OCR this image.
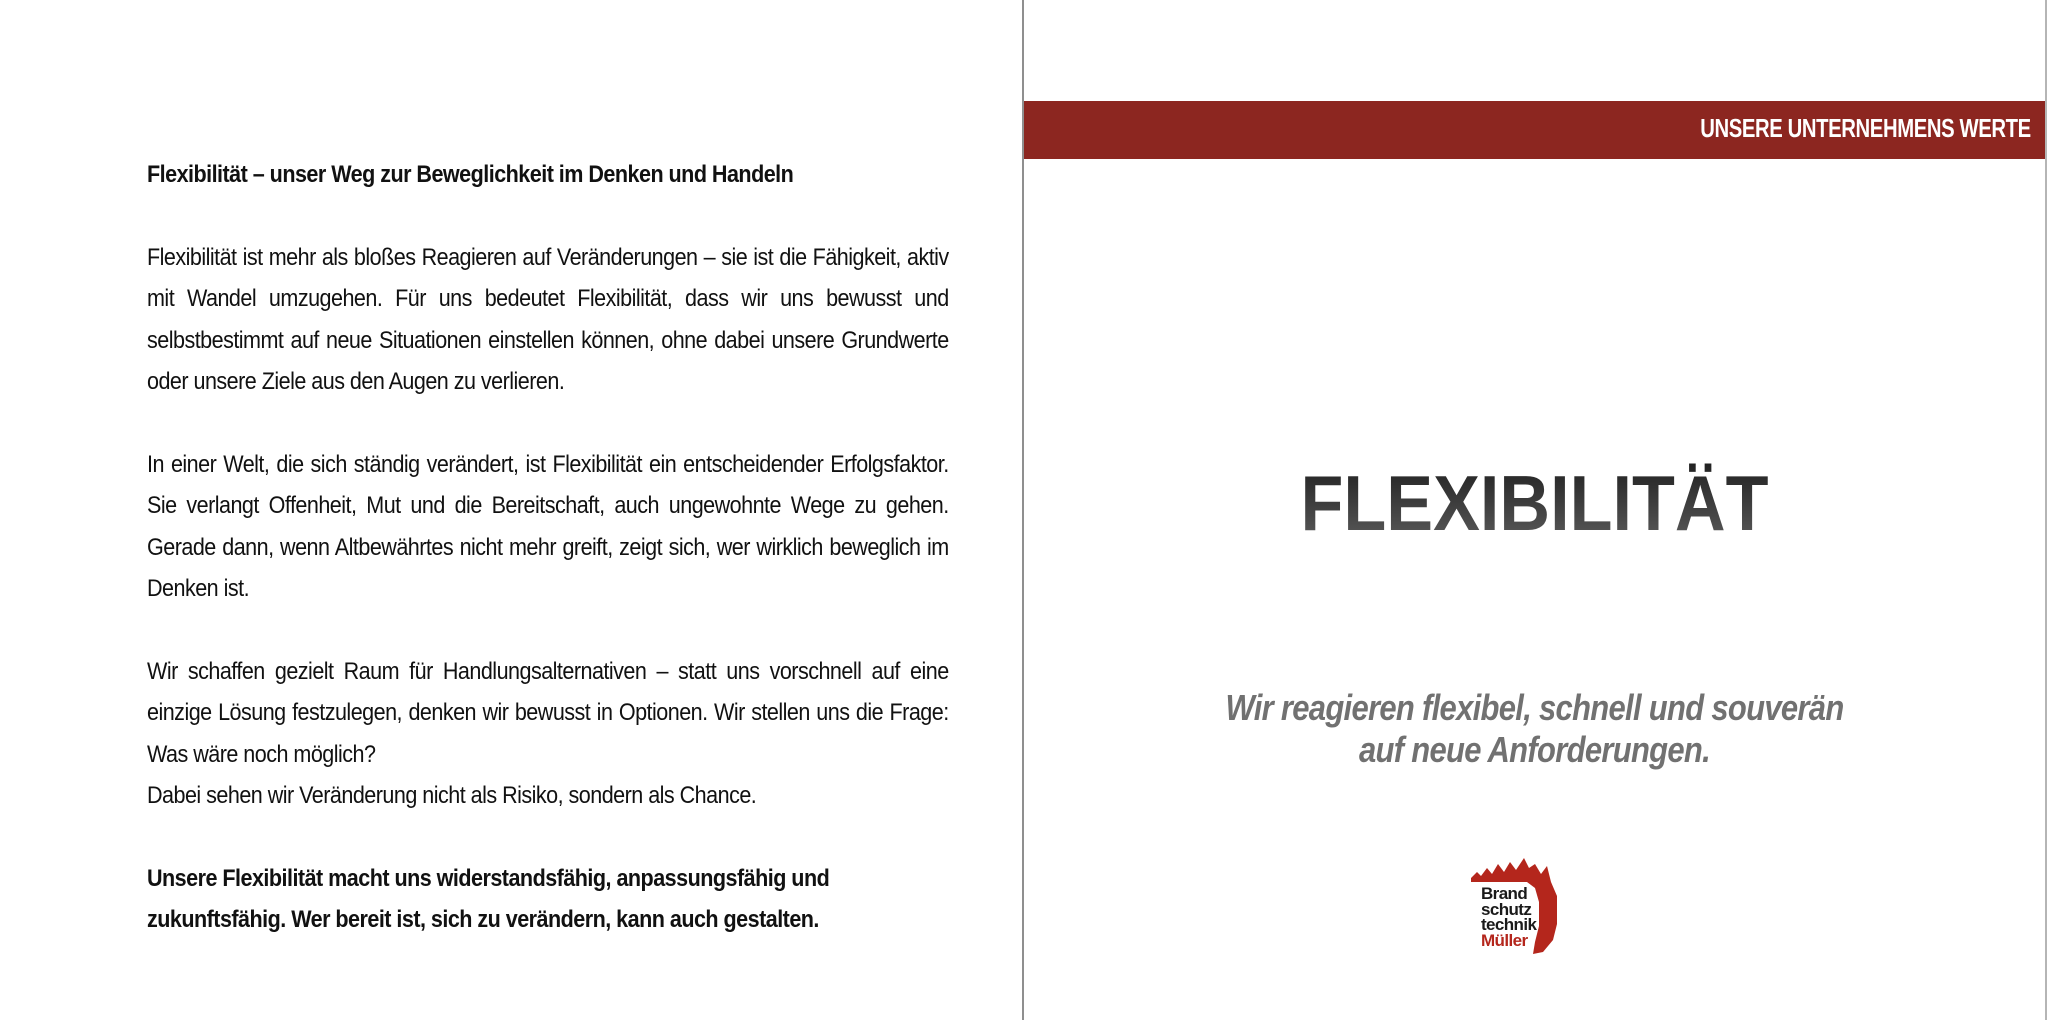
Flexibilität – unser Weg zur Beweglichkeit im Denken und Handeln

Flexibilität ist mehr als bloßes Reagieren auf Veränderungen – sie ist die Fähigkeit, aktiv mit Wandel umzugehen. Für uns bedeutet Flexibilität, dass wir uns bewusst und selbstbestimmt auf neue Situationen einstellen können, ohne dabei unsere Grundwerte oder unsere Ziele aus den Augen zu verlieren.

In einer Welt, die sich ständig verändert, ist Flexibilität ein entscheidender Erfolgsfaktor. Sie verlangt Offenheit, Mut und die Bereitschaft, auch ungewohnte Wege zu gehen. Gerade dann, wenn Altbewährtes nicht mehr greift, zeigt sich, wer wirklich beweglich im Denken ist.

Wir schaffen gezielt Raum für Handlungsalternativen – statt uns vorschnell auf eine einzige Lösung festzulegen, denken wir bewusst in Optionen. Wir stellen uns die Frage: Was wäre noch möglich?

Dabei sehen wir Veränderung nicht als Risiko, sondern als Chance.

Unsere Flexibilität macht uns widerstandsfähig, anpassungsfähig und zukunftsfähig. Wer bereit ist, sich zu verändern, kann auch gestalten.

UNSERE UNTERNEHMENS WERTE
FLEXIBILITÄT
Wir reagieren flexibel, schnell und souverän
auf neue Anforderungen.
Brand
schutz
technik
Müller
